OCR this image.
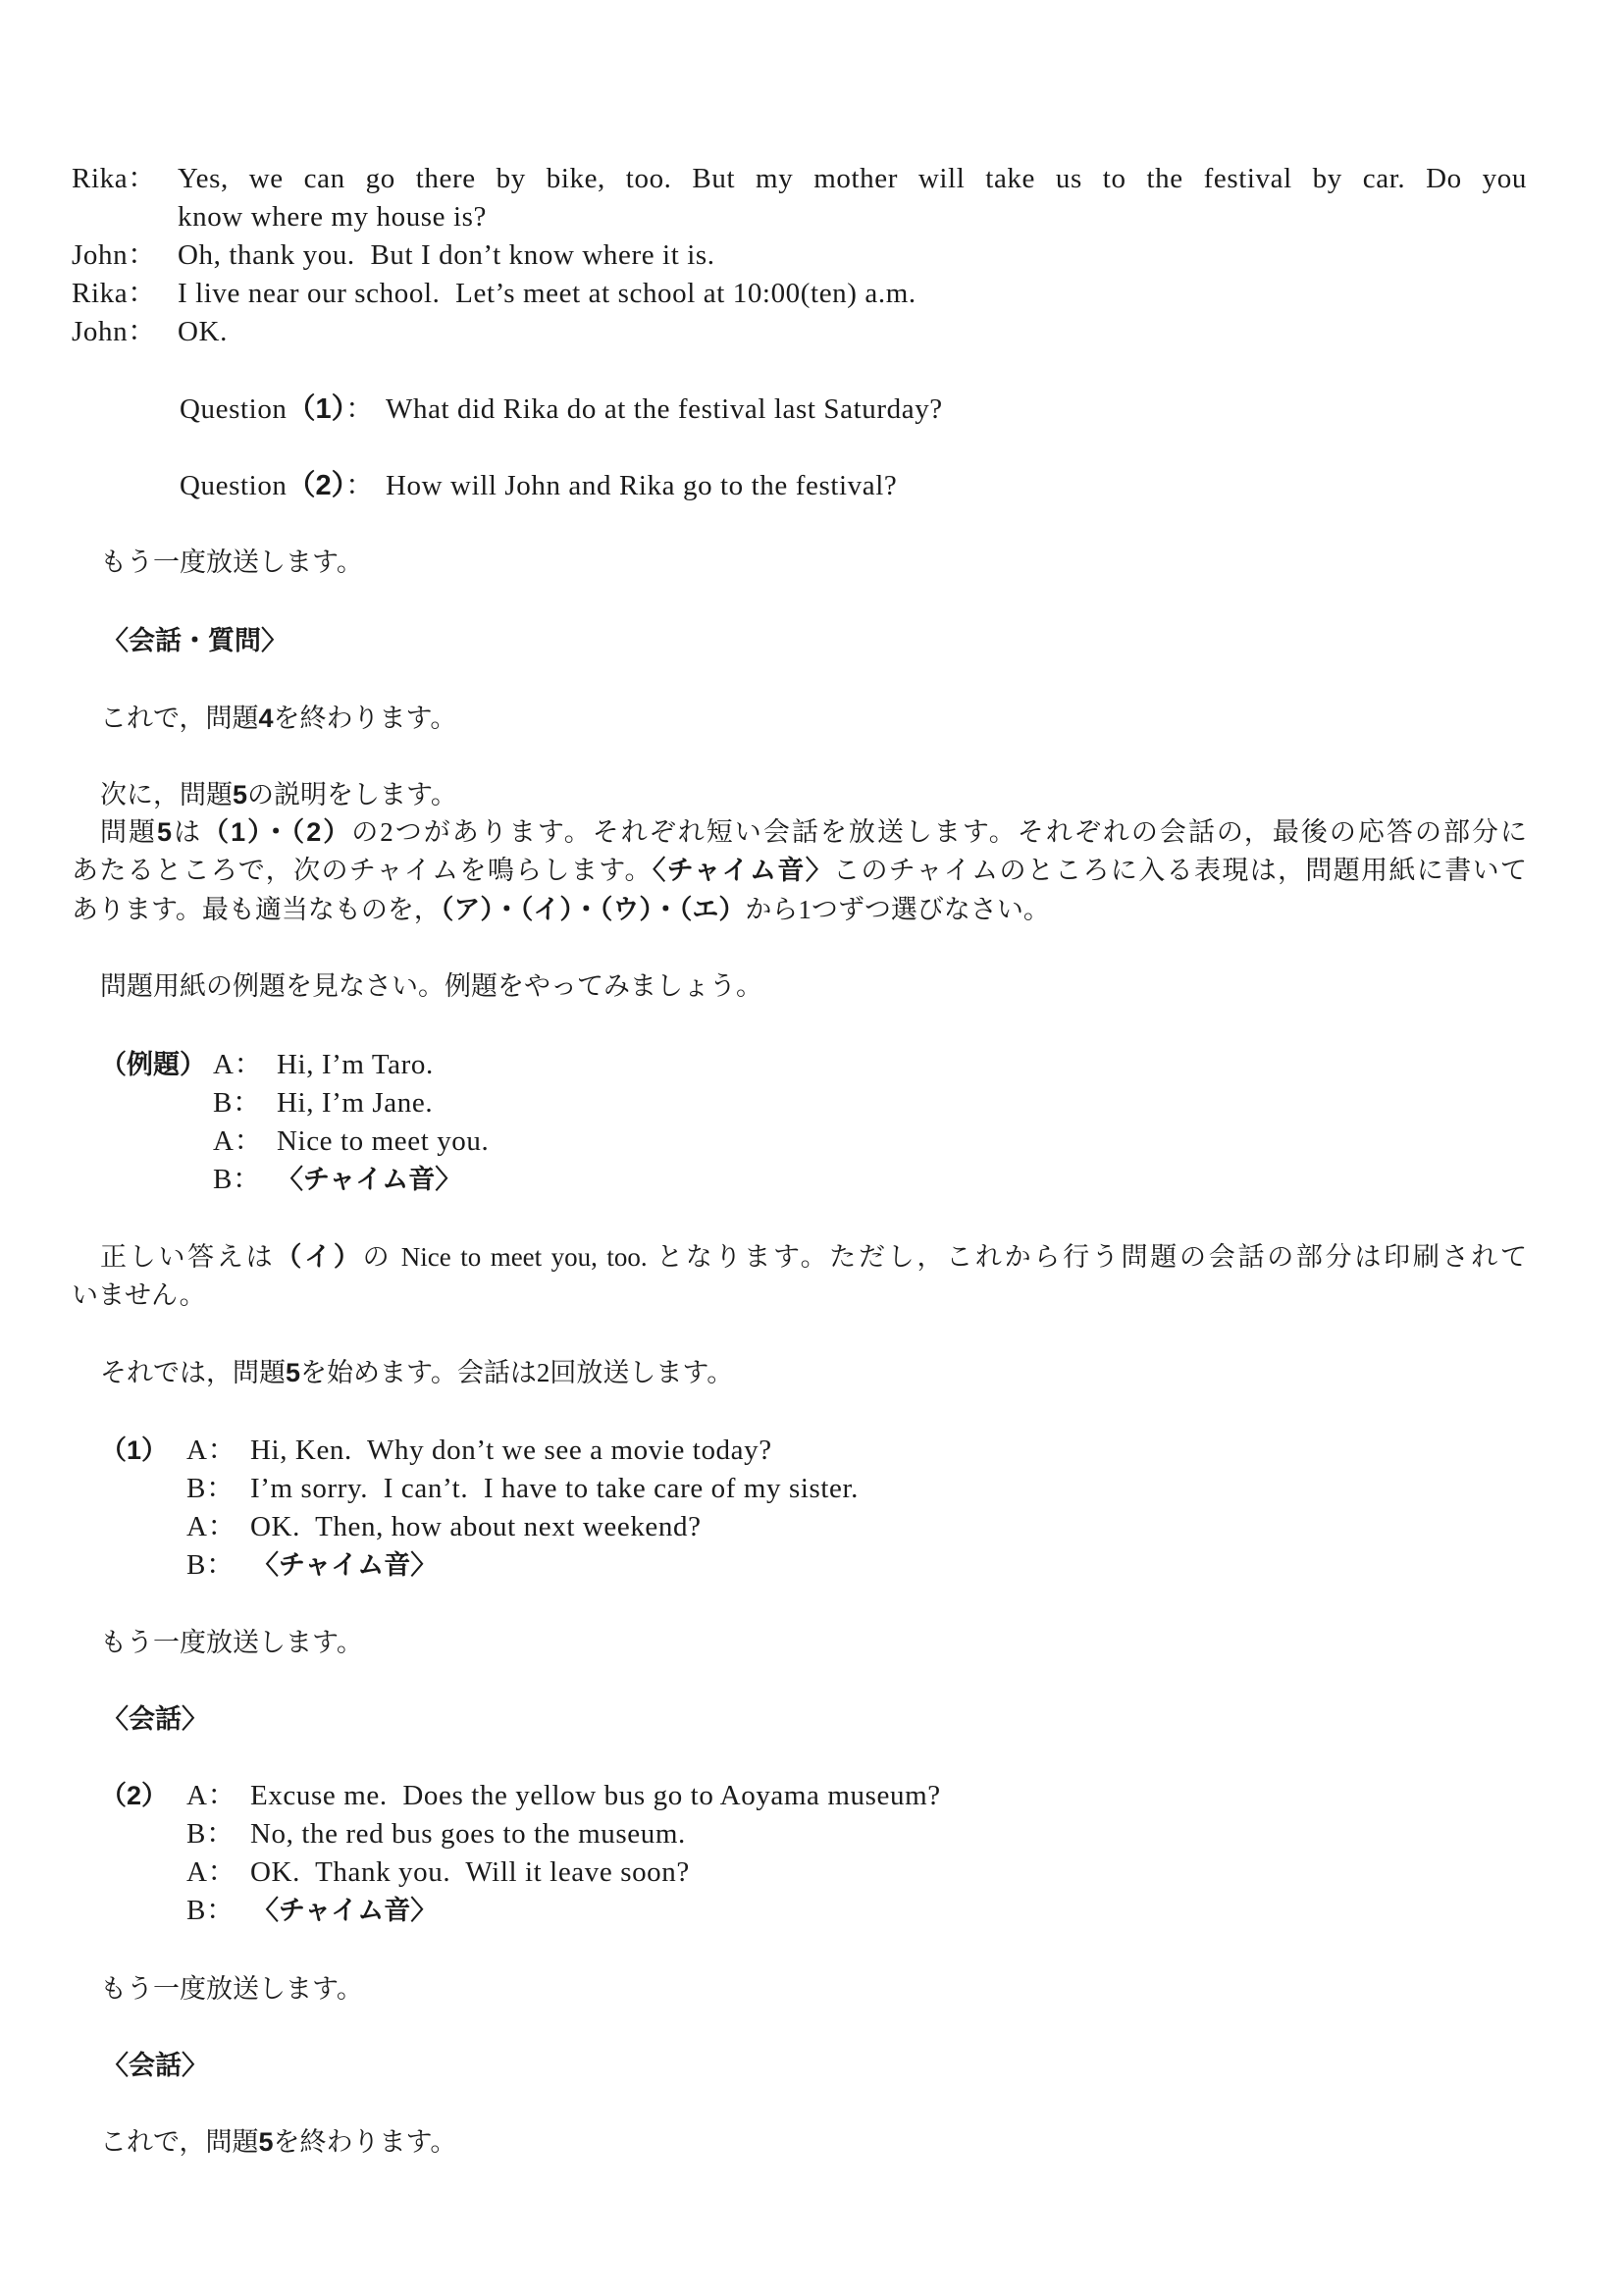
Rika： Yes, we can go there by bike, too. But my mother will take us to the festival by car. Do you
know where my house is?
John： Oh, thank you.  But I don’t know where it is.
Rika： I live near our school.  Let’s meet at school at 10:00(ten) a.m.
John： OK.
Question（1）： What did Rika do at the festival last Saturday?
Question（2）： How will John and Rika go to the festival?
もう一度放送します。
〈会話・質問〉
これで，問題4を終わります。
次に，問題5の説明をします。
問題5は（1）・（2）の2つがあります。それぞれ短い会話を放送します。それぞれの会話の，最後の応答の部分に
あたるところで，次のチャイムを鳴らします。〈チャイム音〉このチャイムのところに入る表現は，問題用紙に書いて
あります。最も適当なものを，（ア）・（イ）・（ウ）・（エ）から1つずつ選びなさい。
問題用紙の例題を見なさい。例題をやってみましょう。
（例題） A： Hi, I’m Taro.
B： Hi, I’m Jane.
A： Nice to meet you.
B： 〈チャイム音〉
正しい答えは（イ）の Nice to meet you, too. となります。ただし，これから行う問題の会話の部分は印刷されて
いません。
それでは，問題5を始めます。会話は2回放送します。
（1） A： Hi, Ken.  Why don’t we see a movie today?
B： I’m sorry.  I can’t.  I have to take care of my sister.
A： OK.  Then, how about next weekend?
B： 〈チャイム音〉
もう一度放送します。
〈会話〉
（2） A： Excuse me.  Does the yellow bus go to Aoyama museum?
B： No, the red bus goes to the museum.
A： OK.  Thank you.  Will it leave soon?
B： 〈チャイム音〉
もう一度放送します。
〈会話〉
これで，問題5を終わります。
